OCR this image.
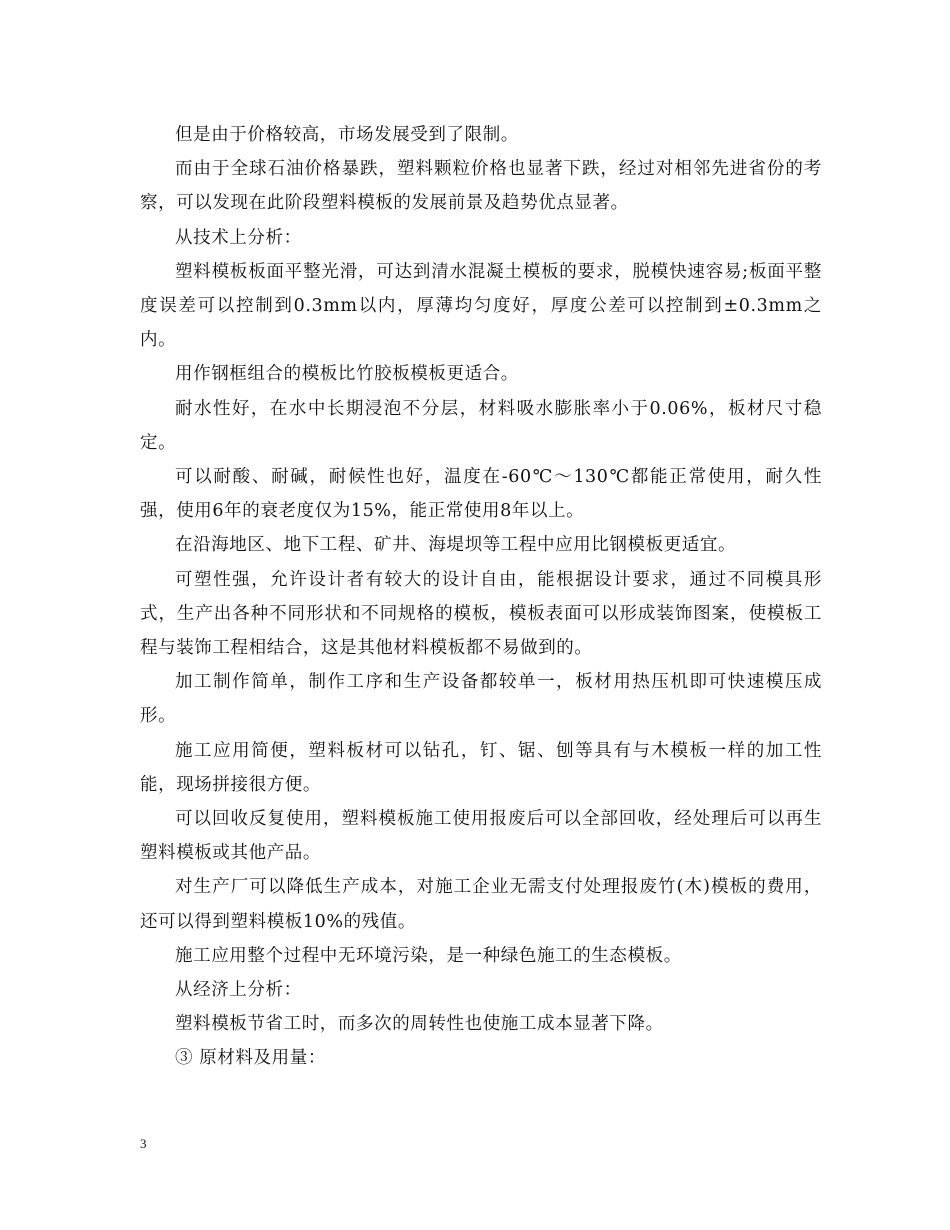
但是由于价格较高，市场发展受到了限制。

而由于全球石油价格暴跌，塑料颗粒价格也显著下跌，经过对相邻先进省份的考察，可以发现在此阶段塑料模板的发展前景及趋势优点显著。

从技术上分析：

塑料模板板面平整光滑，可达到清水混凝土模板的要求，脱模快速容易;板面平整度误差可以控制到0.3mm以内，厚薄均匀度好，厚度公差可以控制到±0.3mm之内。

用作钢框组合的模板比竹胶板模板更适合。

耐水性好，在水中长期浸泡不分层，材料吸水膨胀率小于0.06%，板材尺寸稳定。

可以耐酸、耐碱，耐候性也好，温度在-60℃～130℃都能正常使用，耐久性强，使用6年的衰老度仅为15%，能正常使用8年以上。

在沿海地区、地下工程、矿井、海堤坝等工程中应用比钢模板更适宜。

可塑性强，允许设计者有较大的设计自由，能根据设计要求，通过不同模具形式，生产出各种不同形状和不同规格的模板，模板表面可以形成装饰图案，使模板工程与装饰工程相结合，这是其他材料模板都不易做到的。

加工制作简单，制作工序和生产设备都较单一，板材用热压机即可快速模压成形。

施工应用简便，塑料板材可以钻孔，钉、锯、刨等具有与木模板一样的加工性能，现场拼接很方便。

可以回收反复使用，塑料模板施工使用报废后可以全部回收，经处理后可以再生塑料模板或其他产品。

对生产厂可以降低生产成本，对施工企业无需支付处理报废竹(木)模板的费用，还可以得到塑料模板10%的残值。

施工应用整个过程中无环境污染，是一种绿色施工的生态模板。

从经济上分析：

塑料模板节省工时，而多次的周转性也使施工成本显著下降。

③ 原材料及用量：

3
